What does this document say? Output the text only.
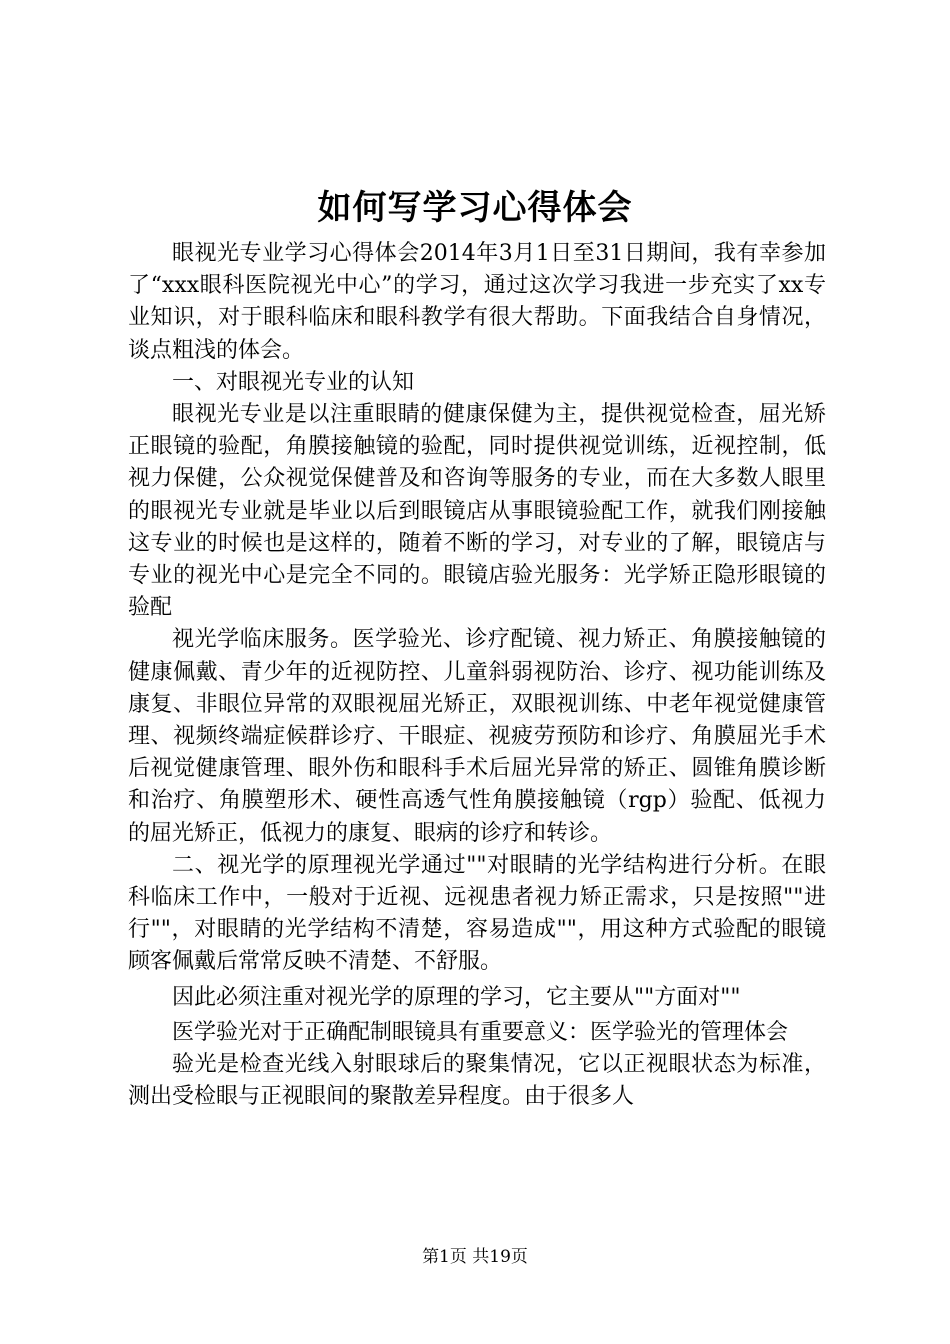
如何写学习心得体会

眼视光专业学习心得体会2014年3月1日至31日期间，我有幸参加了“xxx眼科医院视光中心”的学习，通过这次学习我进一步充实了xx专业知识，对于眼科临床和眼科教学有很大帮助。下面我结合自身情况，谈点粗浅的体会。

一、对眼视光专业的认知

眼视光专业是以注重眼睛的健康保健为主，提供视觉检查，屈光矫正眼镜的验配，角膜接触镜的验配，同时提供视觉训练，近视控制，低视力保健，公众视觉保健普及和咨询等服务的专业，而在大多数人眼里的眼视光专业就是毕业以后到眼镜店从事眼镜验配工作，就我们刚接触这专业的时候也是这样的，随着不断的学习，对专业的了解，眼镜店与专业的视光中心是完全不同的。眼镜店验光服务：光学矫正隐形眼镜的验配

视光学临床服务。医学验光、诊疗配镜、视力矫正、角膜接触镜的健康佩戴、青少年的近视防控、儿童斜弱视防治、诊疗、视功能训练及康复、非眼位异常的双眼视屈光矫正，双眼视训练、中老年视觉健康管理、视频终端症候群诊疗、干眼症、视疲劳预防和诊疗、角膜屈光手术后视觉健康管理、眼外伤和眼科手术后屈光异常的矫正、圆锥角膜诊断和治疗、角膜塑形术、硬性高透气性角膜接触镜（rgp）验配、低视力的屈光矫正，低视力的康复、眼病的诊疗和转诊。

二、视光学的原理视光学通过""对眼睛的光学结构进行分析。在眼科临床工作中，一般对于近视、远视患者视力矫正需求，只是按照""进行""，对眼睛的光学结构不清楚，容易造成""，用这种方式验配的眼镜顾客佩戴后常常反映不清楚、不舒服。

因此必须注重对视光学的原理的学习，它主要从""方面对""

医学验光对于正确配制眼镜具有重要意义：医学验光的管理体会

验光是检查光线入射眼球后的聚集情况，它以正视眼状态为标准，测出受检眼与正视眼间的聚散差异程度。由于很多人

第1页 共19页
